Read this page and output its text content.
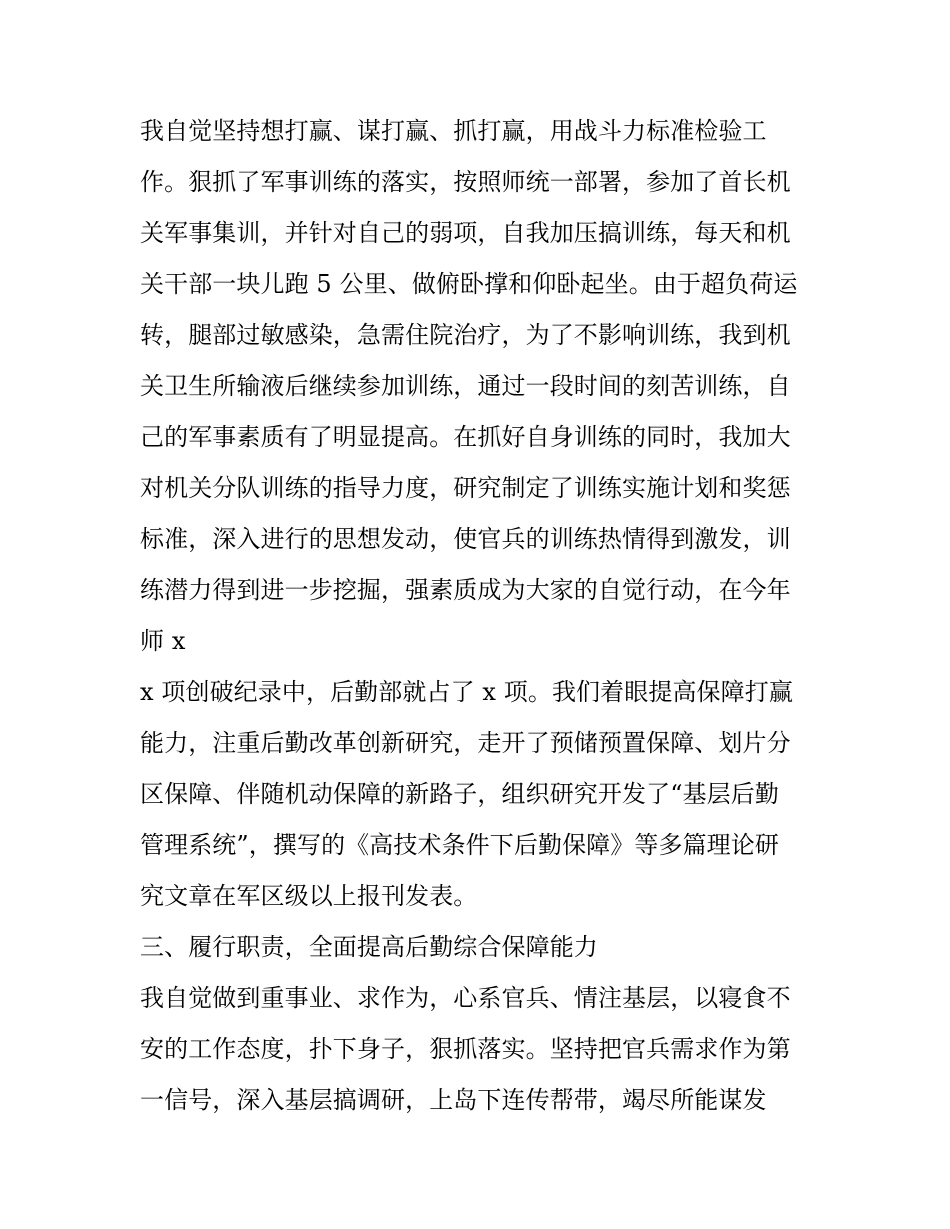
我自觉坚持想打赢、谋打赢、抓打赢，用战斗力标准检验工
作。狠抓了军事训练的落实，按照师统一部署，参加了首长机
关军事集训，并针对自己的弱项，自我加压搞训练，每天和机
关干部一块儿跑 5 公里、做俯卧撑和仰卧起坐。由于超负荷运
转，腿部过敏感染，急需住院治疗，为了不影响训练，我到机
关卫生所输液后继续参加训练，通过一段时间的刻苦训练，自
己的军事素质有了明显提高。在抓好自身训练的同时，我加大
对机关分队训练的指导力度，研究制定了训练实施计划和奖惩
标准，深入进行的思想发动，使官兵的训练热情得到激发，训
练潜力得到进一步挖掘，强素质成为大家的自觉行动，在今年
师 x
x 项创破纪录中，后勤部就占了 x 项。我们着眼提高保障打赢
能力，注重后勤改革创新研究，走开了预储预置保障、划片分
区保障、伴随机动保障的新路子，组织研究开发了“基层后勤
管理系统”，撰写的《高技术条件下后勤保障》等多篇理论研
究文章在军区级以上报刊发表。
三、履行职责，全面提高后勤综合保障能力
我自觉做到重事业、求作为，心系官兵、情注基层，以寝食不
安的工作态度，扑下身子，狠抓落实。坚持把官兵需求作为第
一信号，深入基层搞调研，上岛下连传帮带，竭尽所能谋发
